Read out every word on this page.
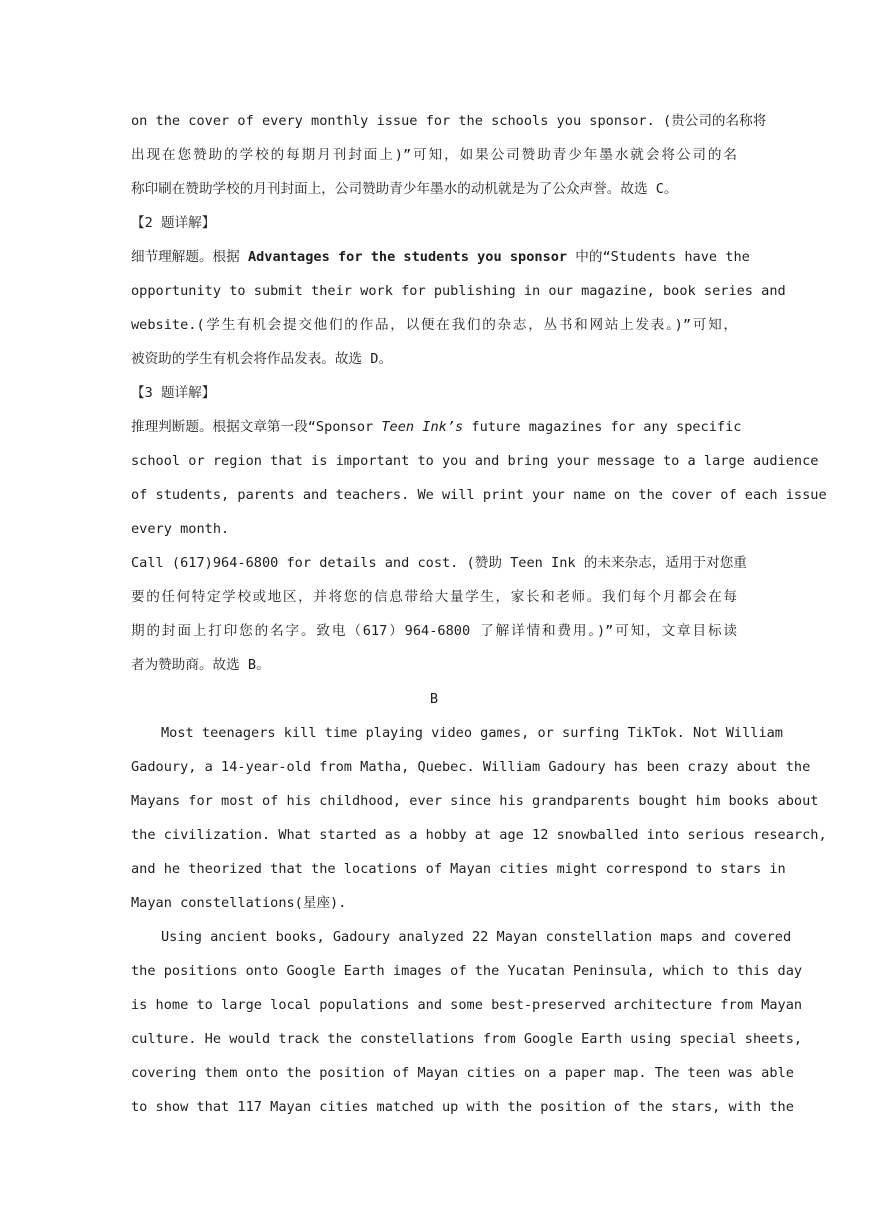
on the cover of every monthly issue for the schools you sponsor. (贵公司的名称将
出现在您赞助的学校的每期月刊封面上)”可知，如果公司赞助青少年墨水就会将公司的名
称印刷在赞助学校的月刊封面上，公司赞助青少年墨水的动机就是为了公众声誉。故选 C。
【2 题详解】
细节理解题。根据 Advantages for the students you sponsor 中的“Students have the
opportunity to submit their work for publishing in our magazine, book series and
website.(学生有机会提交他们的作品，以便在我们的杂志，丛书和网站上发表。)”可知，
被资助的学生有机会将作品发表。故选 D。
【3 题详解】
推理判断题。根据文章第一段“Sponsor Teen Ink’s future magazines for any specific
school or region that is important to you and bring your message to a large audience
of students, parents and teachers. We will print your name on the cover of each issue
every month.
Call (617)964-6800 for details and cost. (赞助 Teen Ink 的未来杂志，适用于对您重
要的任何特定学校或地区，并将您的信息带给大量学生，家长和老师。我们每个月都会在每
期的封面上打印您的名字。致电（617）964-6800 了解详情和费用。)”可知，文章目标读
者为赞助商。故选 B。
B
Most teenagers kill time playing video games, or surfing TikTok. Not William
Gadoury, a 14-year-old from Matha, Quebec. William Gadoury has been crazy about the
Mayans for most of his childhood, ever since his grandparents bought him books about
the civilization. What started as a hobby at age 12 snowballed into serious research,
and he theorized that the locations of Mayan cities might correspond to stars in
Mayan constellations(星座).
Using ancient books, Gadoury analyzed 22 Mayan constellation maps and covered
the positions onto Google Earth images of the Yucatan Peninsula, which to this day
is home to large local populations and some best-preserved architecture from Mayan
culture. He would track the constellations from Google Earth using special sheets,
covering them onto the position of Mayan cities on a paper map. The teen was able
to show that 117 Mayan cities matched up with the position of the stars, with the
